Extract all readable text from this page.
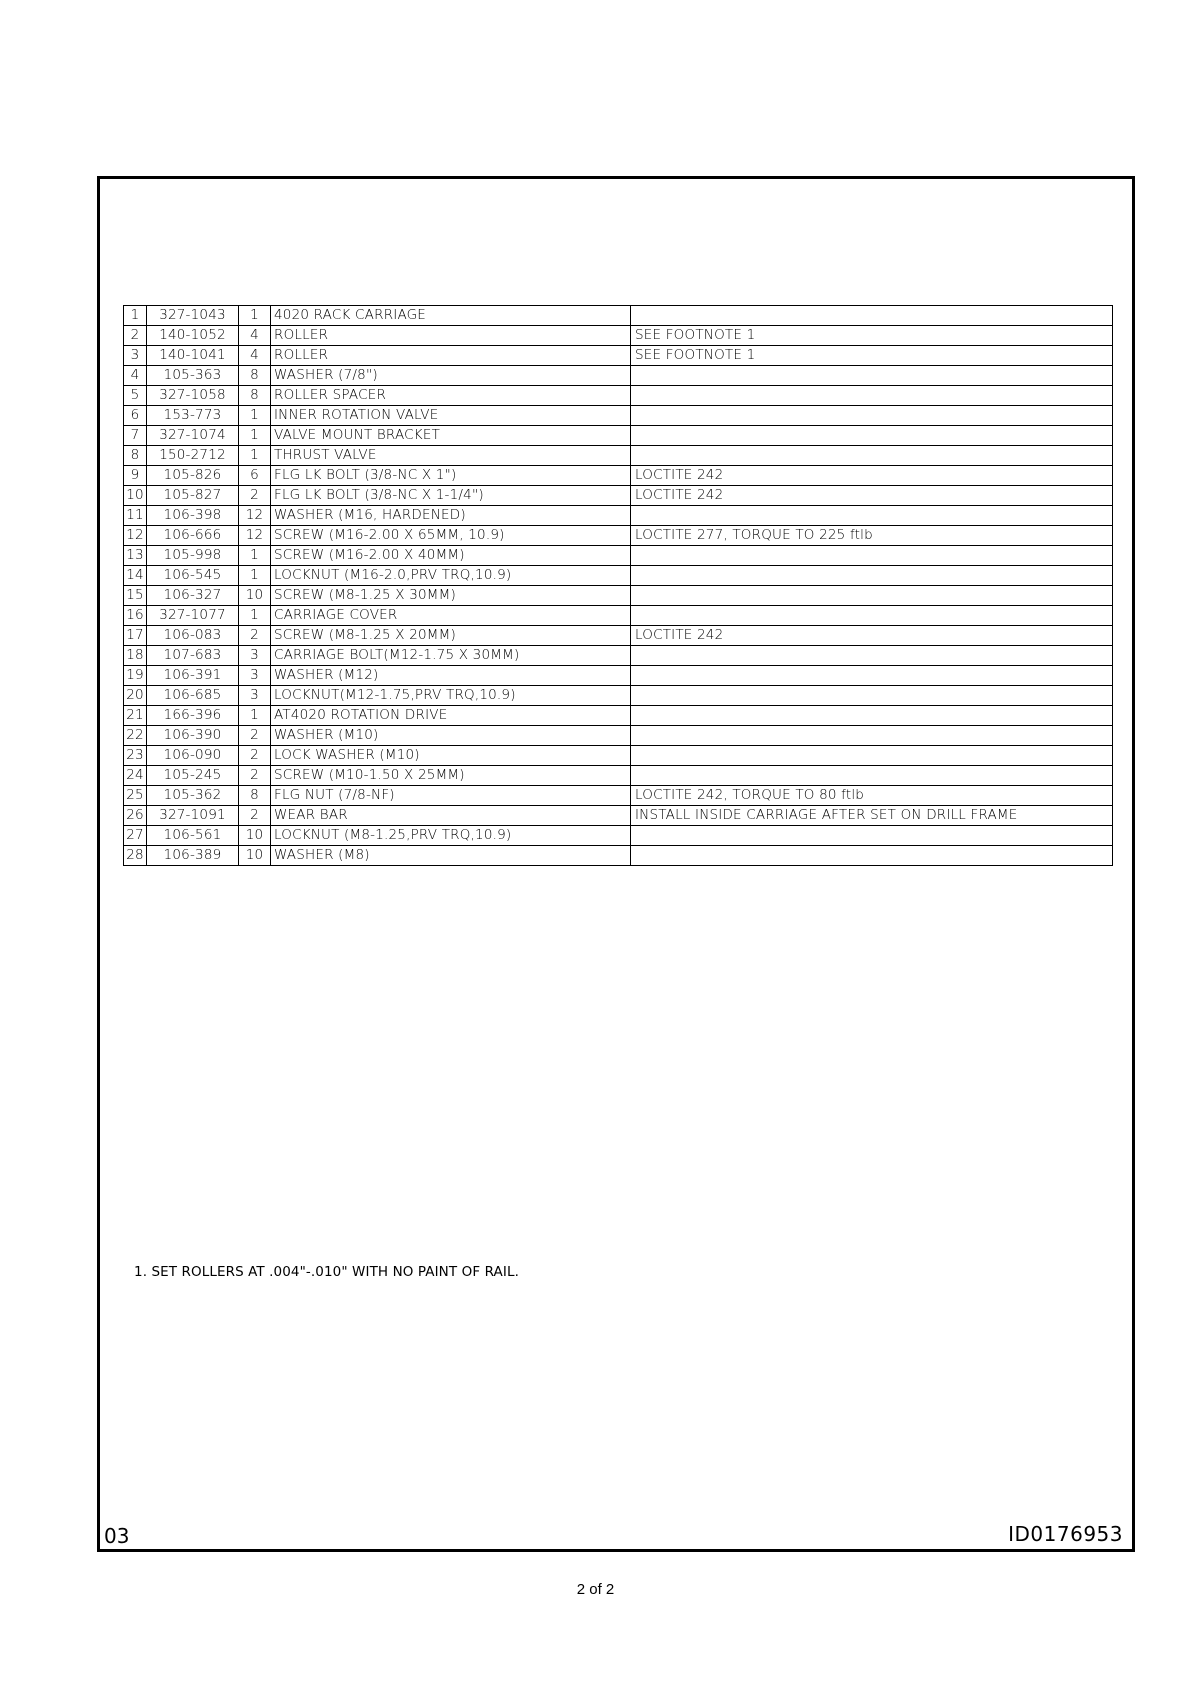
1	327-1043	1	4020 RACK CARRIAGE	
2	140-1052	4	ROLLER	SEE FOOTNOTE 1
3	140-1041	4	ROLLER	SEE FOOTNOTE 1
4	105-363	8	WASHER (7/8")	
5	327-1058	8	ROLLER SPACER	
6	153-773	1	INNER ROTATION VALVE	
7	327-1074	1	VALVE MOUNT BRACKET	
8	150-2712	1	THRUST VALVE	
9	105-826	6	FLG LK BOLT (3/8-NC X 1")	LOCTITE 242
10	105-827	2	FLG LK BOLT (3/8-NC X 1-1/4")	LOCTITE 242
11	106-398	12	WASHER (M16, HARDENED)	
12	106-666	12	SCREW (M16-2.00 X 65MM, 10.9)	LOCTITE 277, TORQUE TO 225 ftlb
13	105-998	1	SCREW (M16-2.00 X 40MM)	
14	106-545	1	LOCKNUT (M16-2.0,PRV TRQ,10.9)	
15	106-327	10	SCREW (M8-1.25 X 30MM)	
16	327-1077	1	CARRIAGE COVER	
17	106-083	2	SCREW (M8-1.25 X 20MM)	LOCTITE 242
18	107-683	3	CARRIAGE BOLT(M12-1.75 X 30MM)	
19	106-391	3	WASHER (M12)	
20	106-685	3	LOCKNUT(M12-1.75,PRV TRQ,10.9)	
21	166-396	1	AT4020 ROTATION DRIVE	
22	106-390	2	WASHER (M10)	
23	106-090	2	LOCK WASHER (M10)	
24	105-245	2	SCREW (M10-1.50 X 25MM)	
25	105-362	8	FLG NUT (7/8-NF)	LOCTITE 242, TORQUE TO 80 ftlb
26	327-1091	2	WEAR BAR	INSTALL INSIDE CARRIAGE AFTER SET ON DRILL FRAME
27	106-561	10	LOCKNUT (M8-1.25,PRV TRQ,10.9)	
28	106-389	10	WASHER (M8)	
1. SET ROLLERS AT .004"-.010" WITH NO PAINT OF RAIL.
03	ID0176953
2 of 2
